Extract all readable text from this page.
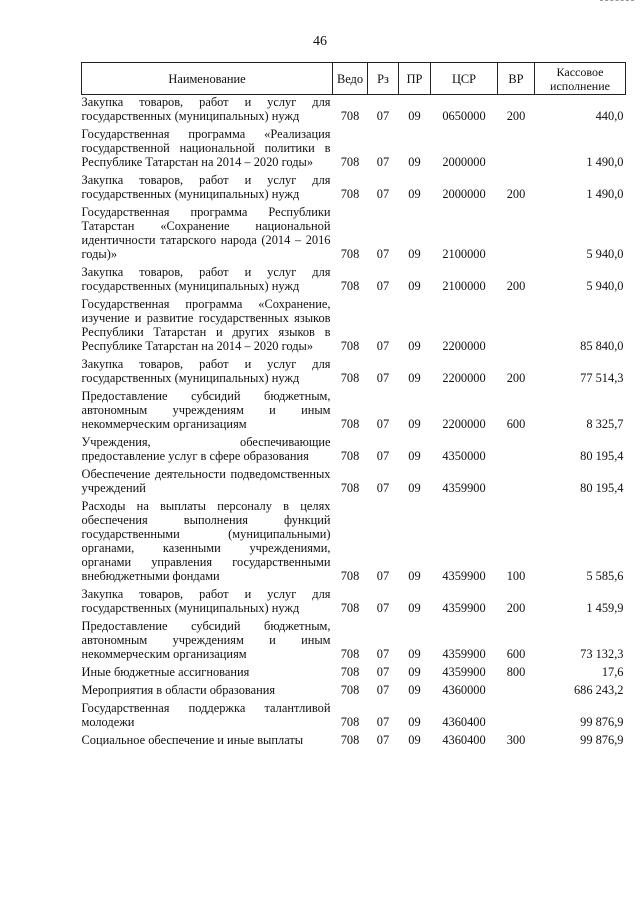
46
Наименование	Ведо	Рз	ПР	ЦСР	ВР	Кассовое исполнение
Закупка товаров, работ и услуг для государственных (муниципальных) нужд	708	07	09	0650000	200	440,0
Государственная программа «Реализация государственной национальной политики в Республике Татарстан на 2014 – 2020 годы»	708	07	09	2000000		1 490,0
Закупка товаров, работ и услуг для государственных (муниципальных) нужд	708	07	09	2000000	200	1 490,0
Государственная программа Республики Татарстан «Сохранение национальной идентичности татарского народа (2014 – 2016 годы)»	708	07	09	2100000		5 940,0
Закупка товаров, работ и услуг для государственных (муниципальных) нужд	708	07	09	2100000	200	5 940,0
Государственная программа «Сохранение, изучение и развитие государственных языков Республики Татарстан и других языков в Республике Татарстан на 2014 – 2020 годы»	708	07	09	2200000		85 840,0
Закупка товаров, работ и услуг для государственных (муниципальных) нужд	708	07	09	2200000	200	77 514,3
Предоставление субсидий бюджетным, автономным учреждениям и иным некоммерческим организациям	708	07	09	2200000	600	8 325,7
Учреждения, обеспечивающие предоставление услуг в сфере образования	708	07	09	4350000		80 195,4
Обеспечение деятельности подведомственных учреждений	708	07	09	4359900		80 195,4
Расходы на выплаты персоналу в целях обеспечения выполнения функций государственными (муниципальными) органами, казенными учреждениями, органами управления государственными внебюджетными фондами	708	07	09	4359900	100	5 585,6
Закупка товаров, работ и услуг для государственных (муниципальных) нужд	708	07	09	4359900	200	1 459,9
Предоставление субсидий бюджетным, автономным учреждениям и иным некоммерческим организациям	708	07	09	4359900	600	73 132,3
Иные бюджетные ассигнования	708	07	09	4359900	800	17,6
Мероприятия в области образования	708	07	09	4360000		686 243,2
Государственная поддержка талантливой молодежи	708	07	09	4360400		99 876,9
Социальное обеспечение и иные выплаты	708	07	09	4360400	300	99 876,9
